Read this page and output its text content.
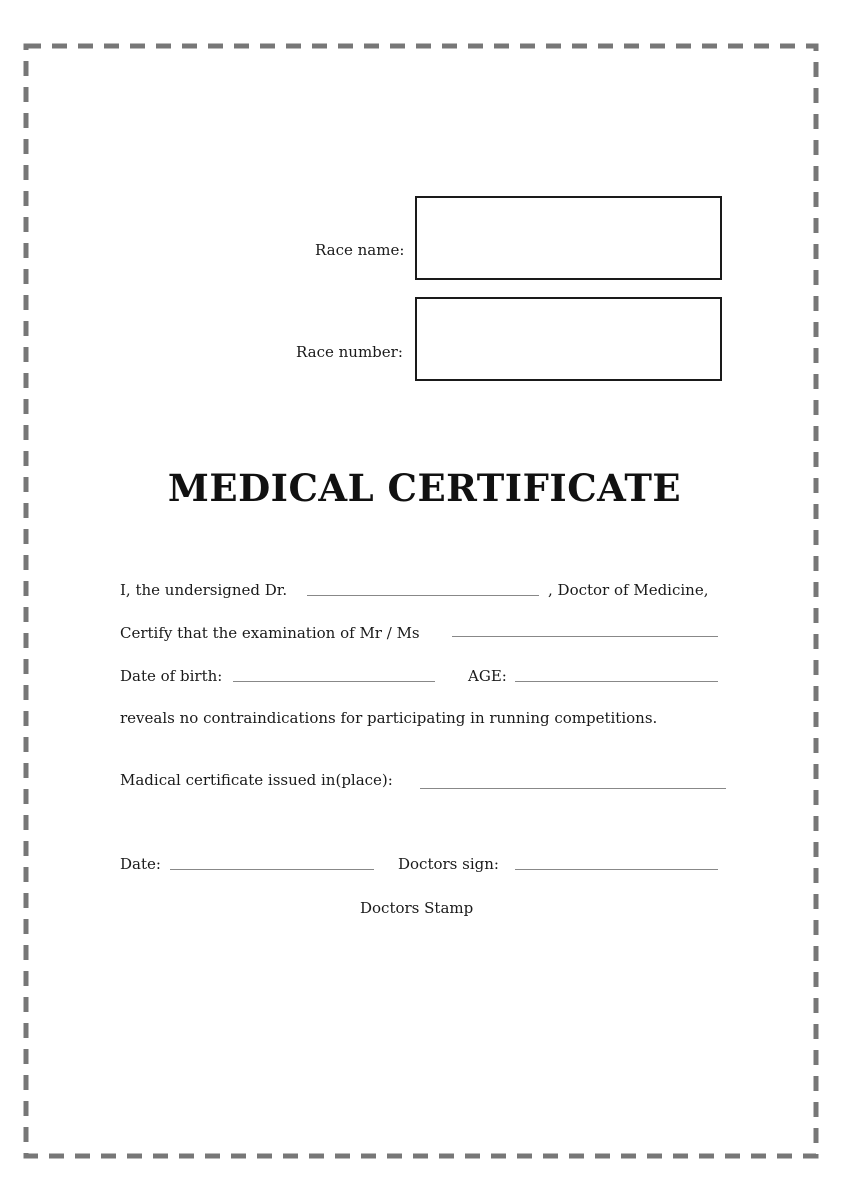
Race name:
Race number:
MEDICAL CERTIFICATE
I, the undersigned Dr.	, Doctor of Medicine,
Certify that the examination of Mr / Ms
Date of birth:	AGE:
reveals no contraindications for participating in running competitions.
Madical certificate issued in(place):
Date:	Doctors sign:
Doctors Stamp
